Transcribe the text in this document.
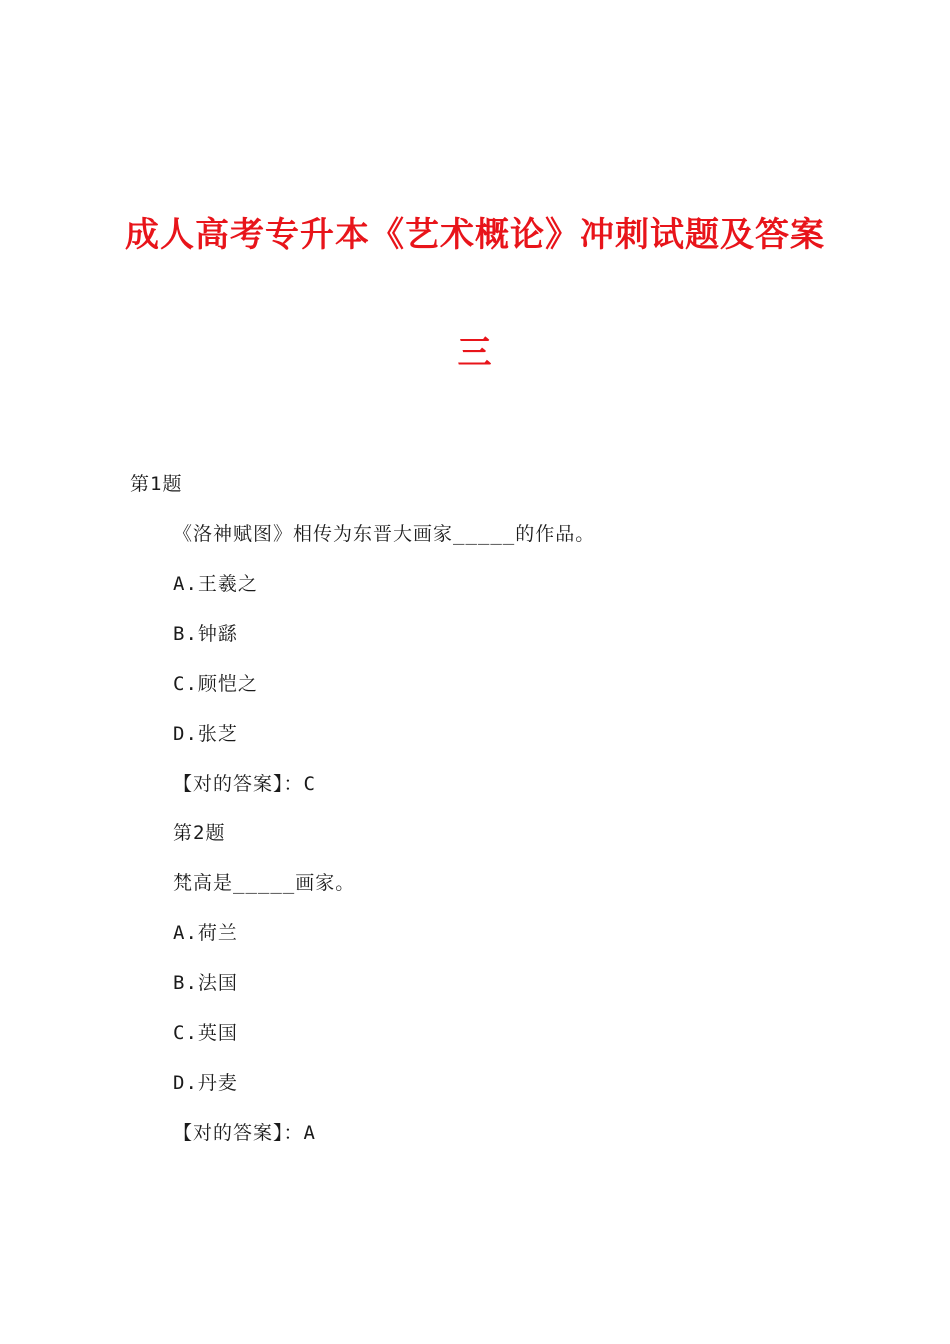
成人高考专升本《艺术概论》冲刺试题及答案
三
第1题
《洛神赋图》相传为东晋大画家_____的作品。
A.王羲之
B.钟繇
C.顾恺之
D.张芝
【对的答案】：C
第2题
梵高是_____画家。
A.荷兰
B.法国
C.英国
D.丹麦
【对的答案】：A
